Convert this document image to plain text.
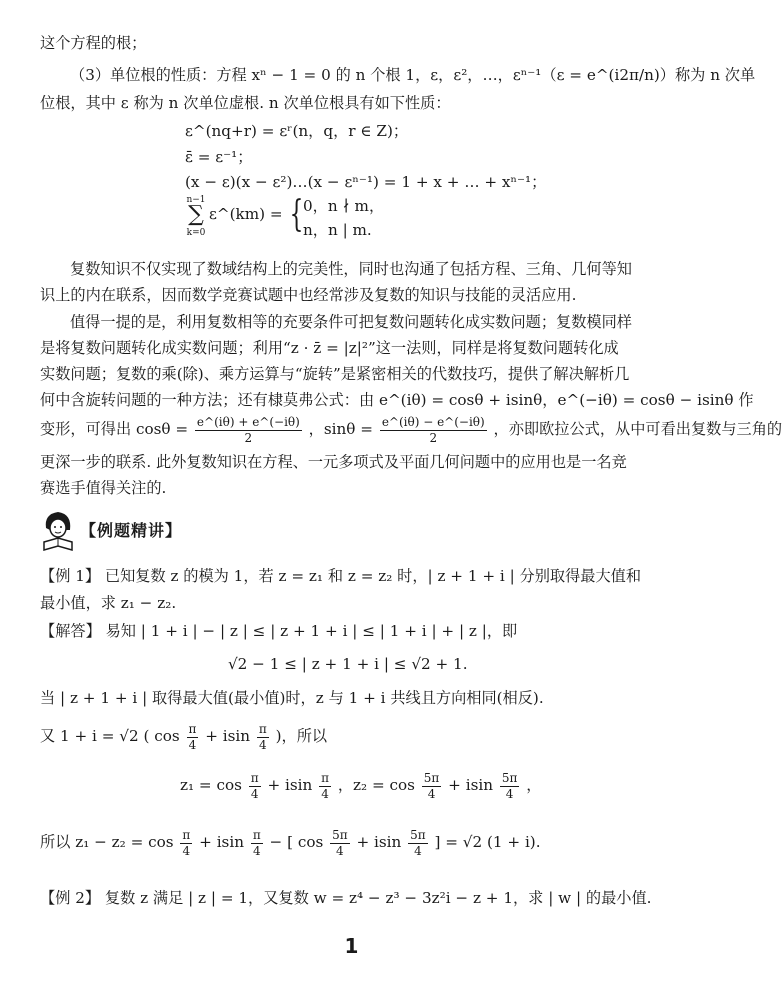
这个方程的根；
（3）单位根的性质：方程 xⁿ − 1 = 0 的 n 个根 1，ε，ε²，…，εⁿ⁻¹（ε = e^(i2π/n)）称为 n 次单
位根，其中 ε 称为 n 次单位虚根. n 次单位根具有如下性质：
ε^(nq+r) = εʳ(n，q，r ∈ Z)；
ε̄ = ε⁻¹；
(x − ε)(x − ε²)…(x − εⁿ⁻¹) = 1 + x + … + xⁿ⁻¹；
n−1
∑
k=0
ε^(km) = { 0，n ∤ m，
n，n | m.
复数知识不仅实现了数域结构上的完美性，同时也沟通了包括方程、三角、几何等知
识上的内在联系，因而数学竞赛试题中也经常涉及复数的知识与技能的灵活应用.
值得一提的是，利用复数相等的充要条件可把复数问题转化成实数问题；复数模同样
是将复数问题转化成实数问题；利用“z · z̄ = |z|²”这一法则，同样是将复数问题转化成
实数问题；复数的乘(除)、乘方运算与“旋转”是紧密相关的代数技巧，提供了解决解析几
何中含旋转问题的一种方法；还有棣莫弗公式：由 e^(iθ) = cosθ + isinθ，e^(−iθ) = cosθ − isinθ 作
变形，可得出 $\cos\theta = \frac{e\^{}(i\theta) + e\^{}(-i\theta)}{2}$ ，$\sin\theta = \frac{e\^{}(i\theta) - e\^{}(-i\theta)}{2}$ ，亦即欧拉公式，从中可看出复数与三角的
更深一步的联系. 此外复数知识在方程、一元多项式及平面几何问题中的应用也是一名竞
赛选手值得关注的.
【例题精讲】
【例 1】 已知复数 z 的模为 1，若 z = z₁ 和 z = z₂ 时，| z + 1 + i | 分别取得最大值和
最小值，求 z₁ − z₂.
【解答】 易知 | 1 + i | − | z | ≤ | z + 1 + i | ≤ | 1 + i | + | z |，即
√2 − 1 ≤ | z + 1 + i | ≤ √2 + 1.
当 | z + 1 + i | 取得最大值(最小值)时，z 与 1 + i 共线且方向相同(相反).
又 1 + i = √2 ( $\cos \frac{\pi}{4} + isin \frac{\pi}{4}$ )，所以
$z_1 = \cos \frac{\pi}{4} + isin \frac{\pi}{4}$ ，$z_2 = \cos \frac{5\pi}{4} + isin \frac{5\pi}{4}$ ，
所以 $z_1 - z_2 = \cos \frac{\pi}{4} + isin \frac{\pi}{4}$ − [ $\cos \frac{5\pi}{4} + isin \frac{5\pi}{4}$ ] = √2 (1 + i).
【例 2】 复数 z 满足 | z | = 1，又复数 w = z⁴ − z³ − 3z²i − z + 1，求 | w | 的最小值.
1
